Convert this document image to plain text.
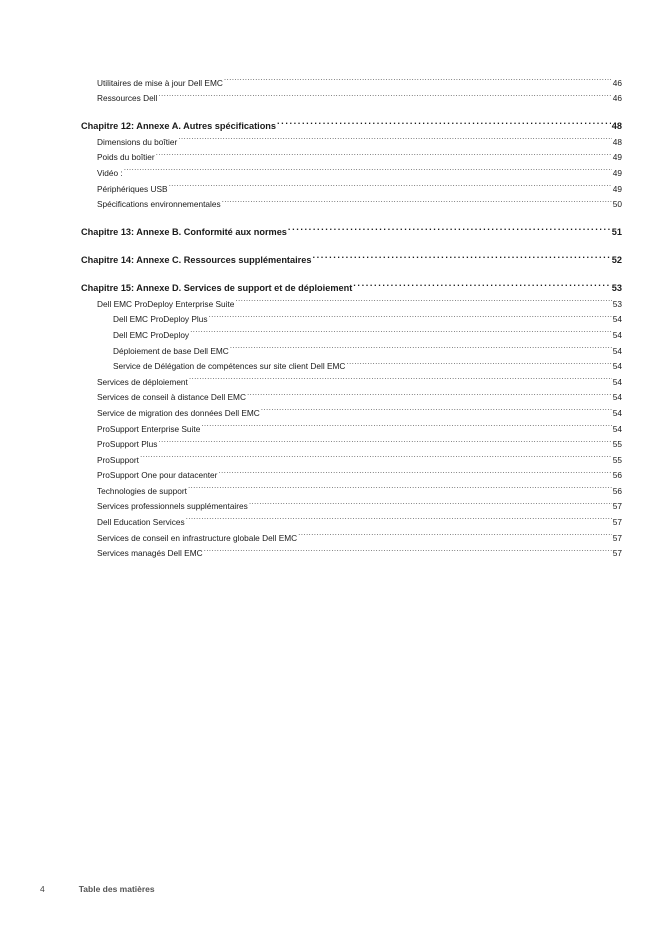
Utilitaires de mise à jour Dell EMC .....	46
Ressources Dell .....	46
Chapitre 12: Annexe A. Autres spécifications .....	48
Dimensions du boîtier .....	48
Poids du boîtier .....	49
Vidéo : .....	49
Périphériques USB .....	49
Spécifications environnementales .....	50
Chapitre 13: Annexe B. Conformité aux normes .....	51
Chapitre 14: Annexe C. Ressources supplémentaires .....	52
Chapitre 15: Annexe D. Services de support et de déploiement .....	53
Dell EMC ProDeploy Enterprise Suite .....	53
Dell EMC ProDeploy Plus .....	54
Dell EMC ProDeploy .....	54
Déploiement de base Dell EMC .....	54
Service de Délégation de compétences sur site client Dell EMC .....	54
Services de déploiement .....	54
Services de conseil à distance Dell EMC .....	54
Service de migration des données Dell EMC .....	54
ProSupport Enterprise Suite .....	54
ProSupport Plus .....	55
ProSupport .....	55
ProSupport One pour datacenter .....	56
Technologies de support .....	56
Services professionnels supplémentaires .....	57
Dell Education Services .....	57
Services de conseil en infrastructure globale Dell EMC .....	57
Services managés Dell EMC .....	57
4	Table des matières
